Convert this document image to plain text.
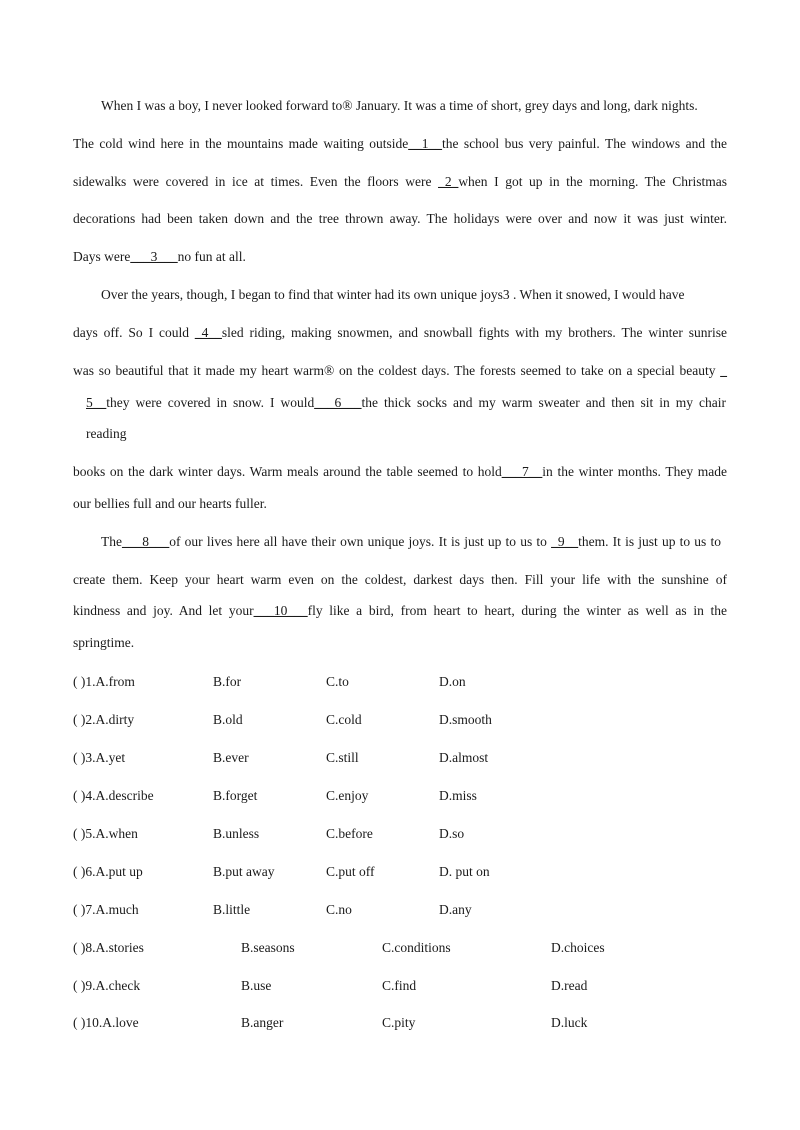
When I was a boy, I never looked forward to® January. It was a time of short, grey days and long, dark nights.
The cold wind here in the mountains made waiting outside__1__the school bus very painful. The windows and the
sidewalks were covered in ice at times. Even the floors were _2_when I got up in the morning. The Christmas
decorations had been taken down and the tree thrown away. The holidays were over and now it was just winter.
Days were___3___no fun at all.
Over the years, though, I began to find that winter had its own unique joys3 . When it snowed, I would have
days off. So I could _4__sled riding, making snowmen, and snowball fights with my brothers. The winter sunrise
was so beautiful that it made my heart warm® on the coldest days. The forests seemed to take on a special beauty _
5__they were covered in snow. I would___6___the thick socks and my warm sweater and then sit in my chair
reading
books on the dark winter days. Warm meals around the table seemed to hold___7__in the winter months. They made
our bellies full and our hearts fuller.
The___8___of our lives here all have their own unique joys. It is just up to us to _9__them. It is just up to us to
create them. Keep your heart warm even on the coldest, darkest days then. Fill your life with the sunshine of
kindness and joy. And let your___10___fly like a bird, from heart to heart, during the winter as well as in the
springtime.
( )1.A.from	B.for	C.to	D.on
( )2.A.dirty	B.old	C.cold	D.smooth
( )3.A.yet	B.ever	C.still	D.almost
( )4.A.describe	B.forget	C.enjoy	D.miss
( )5.A.when	B.unless	C.before	D.so
( )6.A.put up	B.put away	C.put off	D. put on
( )7.A.much	B.little	C.no	D.any
( )8.A.stories	B.seasons	C.conditions	D.choices
( )9.A.check	B.use	C.find	D.read
( )10.A.love	B.anger	C.pity	D.luck
